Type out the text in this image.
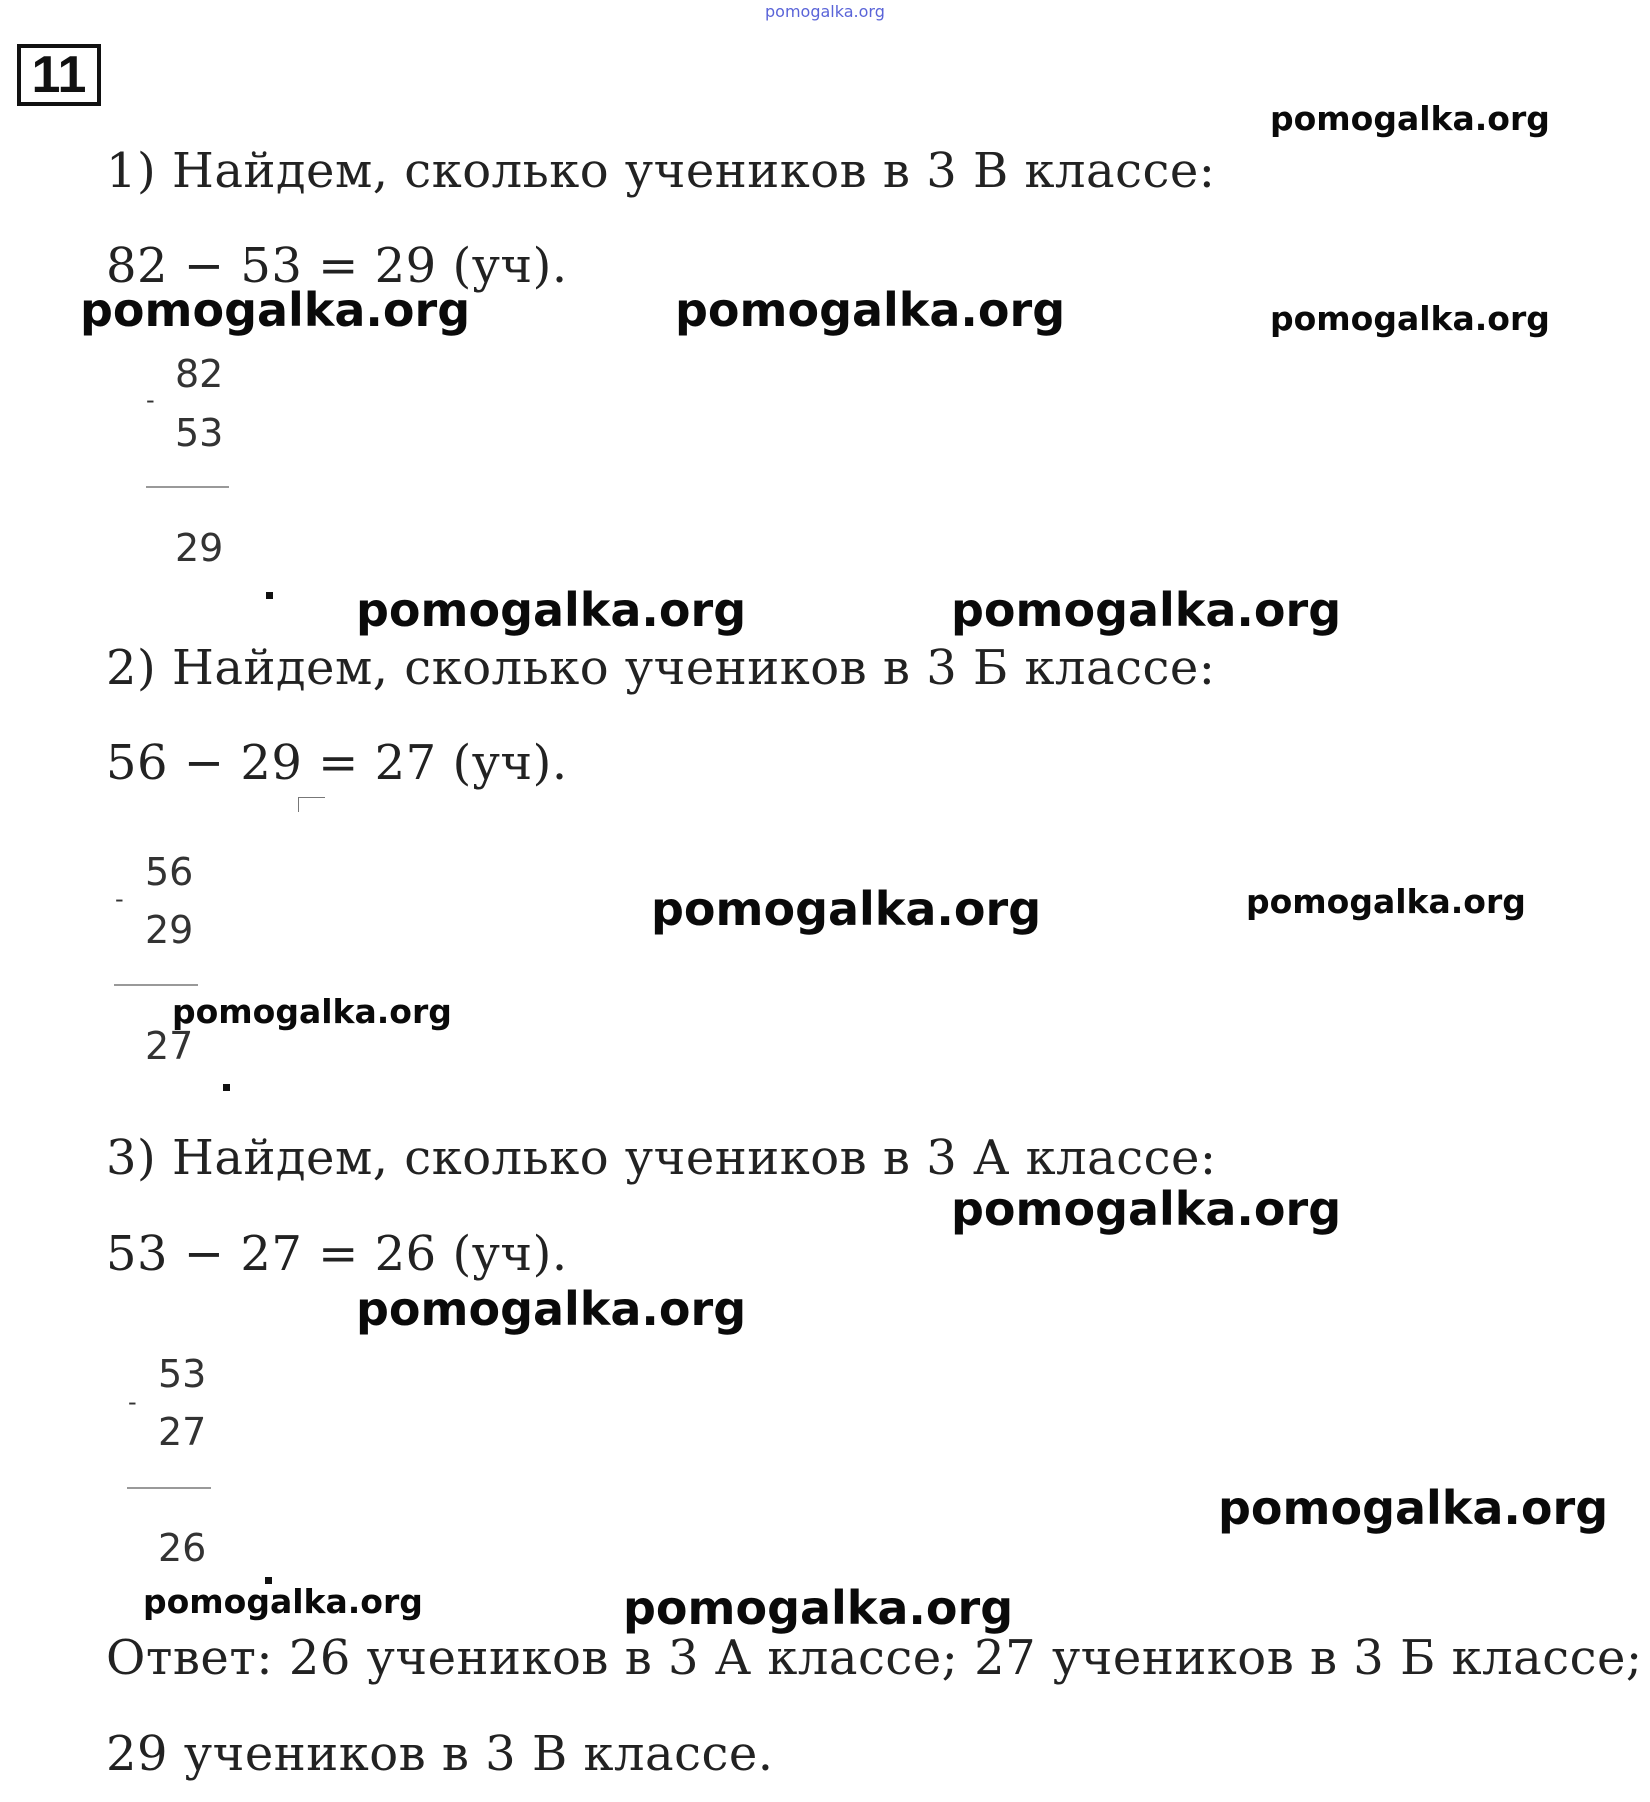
pomogalka.org
11
1) Найдем, сколько учеников в 3 В классе:
82 − 53 = 29 (уч).
-
82
53
29
2) Найдем, сколько учеников в 3 Б классе:
56 − 29 = 27 (уч).
-
56
29
27
3) Найдем, сколько учеников в 3 А классе:
53 − 27 = 26 (уч).
-
53
27
26
Ответ: 26 учеников в 3 А классе; 27 учеников в 3 Б классе;
29 учеников в 3 В классе.
pomogalka.org
pomogalka.org	pomogalka.org	pomogalka.org
pomogalka.org	pomogalka.org
pomogalka.org	pomogalka.org
pomogalka.org
pomogalka.org
pomogalka.org
pomogalka.org
pomogalka.org	pomogalka.org
